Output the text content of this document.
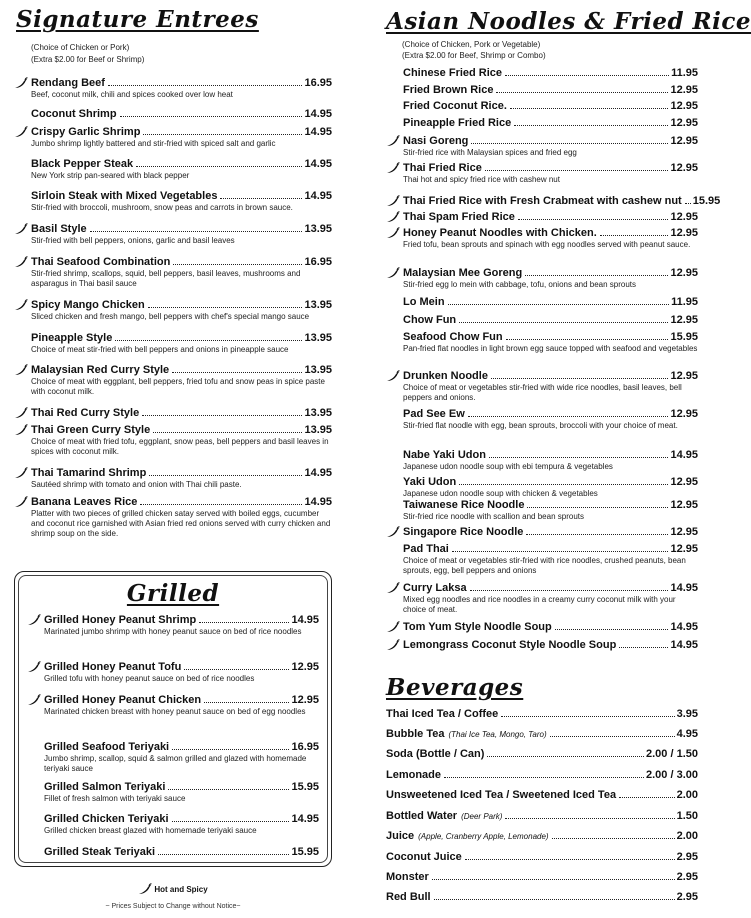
Signature Entrees
(Choice of Chicken or Pork)
(Extra $2.00 for Beef or Shrimp)
Rendang Beef	16.95
Beef, coconut milk, chili and spices cooked over low heat
Coconut Shrimp	14.95
Crispy Garlic Shrimp	14.95
Jumbo shrimp lightly battered and stir-fried with spiced salt and garlic
Black Pepper Steak	14.95
New York strip pan-seared with black pepper
Sirloin Steak with Mixed Vegetables	14.95
Stir-fried with broccoli, mushroom, snow peas and carrots in brown sauce.
Basil Style	13.95
Stir-fried with bell peppers, onions, garlic and basil leaves
Thai Seafood Combination	16.95
Stir-fried shrimp, scallops, squid, bell peppers, basil leaves, mushrooms and asparagus in Thai basil sauce
Spicy Mango Chicken	13.95
Sliced chicken and fresh mango, bell peppers with chef's special mango sauce
Pineapple Style	13.95
Choice of meat stir-fried with bell peppers and onions in pineapple sauce
Malaysian Red Curry Style	13.95
Choice of meat with eggplant, bell peppers, fried tofu and snow peas in spice paste with coconut milk.
Thai Red Curry Style	13.95
Thai Green Curry Style	13.95
Choice of meat with fried tofu, eggplant, snow peas, bell peppers and basil leaves in spices with coconut milk.
Thai Tamarind Shrimp	14.95
Sautéed shrimp with tomato and onion with Thai chili paste.
Banana Leaves Rice	14.95
Platter with two pieces of grilled chicken satay served with boiled eggs, cucumber and coconut rice garnished with Asian fried red onions served with curry chicken and shrimp soup on the side.
Grilled
Grilled Honey Peanut Shrimp	14.95
Marinated jumbo shrimp with honey peanut sauce on bed of rice noodles
Grilled Honey Peanut Tofu	12.95
Grilled tofu with honey peanut sauce on bed of rice noodles
Grilled Honey Peanut Chicken	12.95
Marinated chicken breast with honey peanut sauce on bed of egg noodles
Grilled Seafood Teriyaki	16.95
Jumbo shrimp, scallop, squid & salmon grilled and glazed with homemade teriyaki sauce
Grilled Salmon Teriyaki	15.95
Fillet of fresh salmon with teriyaki sauce
Grilled Chicken Teriyaki	14.95
Grilled chicken breast glazed with homemade teriyaki sauce
Grilled Steak Teriyaki	15.95
Hot and Spicy
~ Prices Subject to Change without Notice~
Asian Noodles & Fried Rice
(Choice of Chicken, Pork or Vegetable)
(Extra $2.00 for Beef, Shrimp or Combo)
Chinese Fried Rice	11.95
Fried Brown Rice	12.95
Fried Coconut Rice.	12.95
Pineapple Fried Rice	12.95
Nasi Goreng	12.95
Stir-fried rice with Malaysian spices and fried egg
Thai Fried Rice	12.95
Thai hot and spicy fried rice with cashew nut
Thai Fried Rice with Fresh Crabmeat with cashew nut 15.95
Thai Spam Fried Rice	12.95
Honey Peanut Noodles with Chicken.	12.95
Fried tofu, bean sprouts and spinach with egg noodles served with peanut sauce.
Malaysian Mee Goreng	12.95
Stir-fried egg lo mein with cabbage, tofu, onions and bean sprouts
Lo Mein	11.95
Chow Fun	12.95
Seafood Chow Fun	15.95
Pan-fried flat noodles in light brown egg sauce topped with seafood and vegetables
Drunken Noodle	12.95
Choice of meat or vegetables stir-fried with wide rice noodles, basil leaves, bell peppers and onions.
Pad See Ew	12.95
Stir-fried flat noodle with egg, bean sprouts, broccoli with your choice of meat.
Nabe Yaki Udon	14.95
Japanese udon noodle soup with ebi tempura & vegetables
Yaki Udon	12.95
Japanese udon noodle soup with chicken & vegetables
Taiwanese Rice Noodle	12.95
Stir-fried rice noodle with scallion and bean sprouts
Singapore Rice Noodle	12.95
Pad Thai	12.95
Choice of meat or vegetables stir-fried with rice noodles, crushed peanuts, bean sprouts, egg, bell peppers and onions
Curry Laksa	14.95
Mixed egg noodles and rice noodles in a creamy curry coconut milk with your choice of meat.
Tom Yum Style Noodle Soup	14.95
Lemongrass Coconut Style Noodle Soup	14.95
Beverages
Thai Iced Tea / Coffee	3.95
Bubble Tea (Thai Ice Tea, Mongo, Taro)	4.95
Soda (Bottle / Can)	2.00 / 1.50
Lemonade	2.00 / 3.00
Unsweetened Iced Tea / Sweetened Iced Tea	2.00
Bottled Water (Deer Park)	1.50
Juice (Apple, Cranberry Apple, Lemonade)	2.00
Coconut Juice	2.95
Monster	2.95
Red Bull	2.95
